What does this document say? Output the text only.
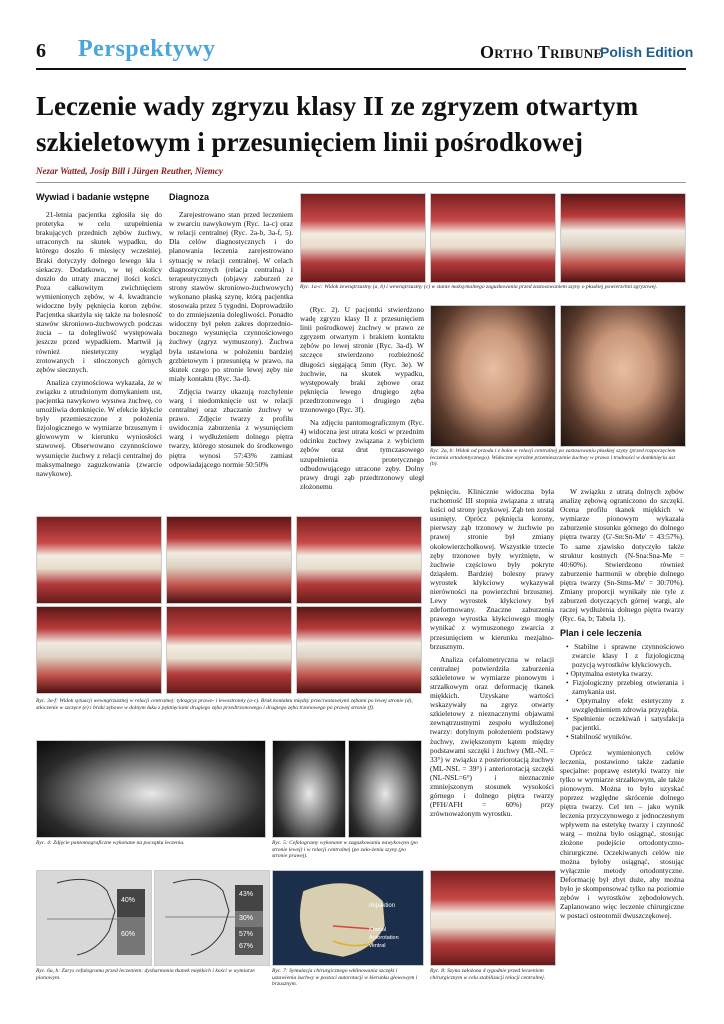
6 Perspektywy	Ortho Tribune
Polish Edition
Leczenie wady zgryzu klasy II ze zgryzem otwartym szkieletowym i przesunięciem linii pośrodkowej
Nezar Watted, Josip Bill i Jürgen Reuther, Niemcy
Wywiad i badanie wstępne

21-letnia pacjentka zgłosiła się do protetyka w celu uzupełnienia brakujących przednich zębów żuchwy, utraconych na skutek wypadku, do którego doszło 6 miesięcy wcześniej. Braki dotyczyły dolnego lewego kła i siekaczy. Dodatkowo, w tej okolicy doszło do utraty znacznej ilości kości. Poza całkowitym zwichnięciem wymienionych zębów, w 4. kwadrancie widoczne były pęknięcia koron zębów. Pacjentka skarżyła się także na bolesność stawów skroniowo-żuchwowych podczas żucia – ta dolegliwość występowała jeszcze przed wypadkiem. Martwił ją również niestetyczny wygląd zrotowanych i stłoczonych górnych zębów siecznych.

Analiza czynnościowa wykazała, że w związku z utrudnionym domykaniem ust, pacjentka nawykowo wysuwa żuchwę, co umożliwia domknięcie. W efekcie kłykcie były przemieszczone z położenia fizjologicznego w wymiarze brzusznym i głowowym w kierunku wyniosłości stawowej. Obserwowano czynnościowe wysunięcie żuchwy z relacji centralnej do maksymalnego zaguzkowania (zwarcie nawykowe).

Diagnoza

Zarejestrowano stan przed leczeniem w zwarciu nawykowym (Ryc. 1a-c) oraz w relacji centralnej (Ryc. 2a-b, 3a-f, 5). Dla celów diagnostycznych i do planowania leczenia zarejestrowano sytuację w relacji centralnej. W celach diagnostycznych (relacja centralna) i terapeutycznych (objawy zaburzeń ze strony stawów skroniowo-żuchwowych) wykonano płaską szynę, którą pacjentka stosowała przez 5 tygodni. Doprowadziło to do zmniejszenia dolegliwości. Ponadto widoczny był pełen zakres doprzednio-bocznego wysunięcia czynnościowego żuchwy (zgryz wymuszony). Żuchwa była ustawiona w położeniu bardziej grzbietowym i przesuniętą w prawo, na skutek czego po stronie lewej zęby nie miały kontaktu (Ryc. 3a-d).

Zdjęcia twarzy ukazują rozchylenie warg i niedomknięcie ust w relacji centralnej oraz zbaczanie żuchwy w prawo. Zdjęcie twarzy z profilu uwidocznia zaburzenia z wysunięciem warg i wydłużeniem dolnego piętra twarzy, którego stosunek do środkowego piętra wynosi 57:43% zamiast odpowiadającego normie 50:50%

Ryc. 1a-c: Widok zewnątrzustny (a, b) i wewnątrzustny (c) w stanie maksymalnego zaguzkowania przed zastosowaniem szyny o płaskiej powierzchni zgryzowej.

(Ryc. 2). U pacjentki stwierdzono wadę zgryzu klasy II z przesunięciem linii pośrodkowej żuchwy w prawo ze zgryzem otwartym i brakiem kontaktu zębów po lewej stronie (Ryc. 3a-d). W szczęce stwierdzono rozbieżność długości sięgającą 5mm (Ryc. 3e). W żuchwie, na skutek wypadku, występowały braki zębowe oraz pęknięcia lewego drugiego zęba przedtrzonowego i drugiego zęba trzonowego (Ryc. 3f).

Na zdjęciu pantomograficznym (Ryc. 4) widoczna jest utrata kości w przednim odcinku żuchwy związana z wybiciem zębów oraz drut tymczasowego uzupełnienia protetycznego odbudowującego utracone zęby. Dolny prawy drugi ząb przedtrzonowy uległ złożonemu

Ryc. 2a, b: Widok od przodu i z boku w relacji centralnej po zastosowaniu płaskiej szyny (przed rozpoczęciem leczenia ortodontycznego). Widoczne wyraźne przemieszczenie żuchwy w prawo i trudności w domknięciu ust (b).
Ryc. 3a-f: Widok sytuacji wewnątrzustnej w relacji centralnej: tyłozgryz prawo- i lewostronny (a-c). Brak kontaktu między przeciwstawnymi zębami po lewej stronie (d), stłoczenie w szczęce (e) i braki zębowe w dolnym łuku z pęknięciami drugiego zęba przedtrzonowego i drugiego zęba trzonowego po prawej stronie (f).

pęknięciu. Klinicznie widoczna była ruchomość III stopnia związana z utratą kości od strony językowej. Ząb ten został usunięty. Oprócz pęknięcia korony, pierwszy ząb trzonowy w żuchwie po prawej stronie był zmiany okołowierzchołkowej. Wszystkie trzecie zęby trzonowe były wyrżnięte, w żuchwie częściowo były pokryte dziąsłem. Bardziej bolesny prawy wyrostek kłykciowy wykazywał nierówności na powierzchni brzusznej. Lewy wyrostek kłykciowy był zdeformowany. Znaczne zaburzenia prawego wyrostka kłykciowego mogły wynikać z wymuszonego zwarcia z przesunięciem w kierunku mezjalno-brzusznym.

Analiza cefalometryczna w relacji centralnej potwierdziła zaburzenia szkieletowe w wymiarze pionowym i strzałkowym oraz deformację tkanek miękkich. Uzyskane wartości wskazywały na zgryz otwarty szkieletowy z nieznacznymi objawami zewnątrzustnymi zespołu wydłużonej twarzy: dotylnym położeniem podstawy żuchwy, zwiększonym kątem między podstawami szczęki i żuchwy (ML-NL = 33°) w związku z posteriorotacją żuchwy (ML-NSL = 39°) i anteriorotacją szczęki (NL-NSL=6°) i nieznacznie zmniejszonym stosunek wysokości górnego i dolnego piętra twarzy (PFH/AFH = 60%) przy zrównoważonym wyrostku.

W związku z utratą dolnych zębów analizę zębową ograniczono do szczęki. Ocena profilu tkanek miękkich w wymiarze pionowym wykazała zaburzenie stosunku górnego do dolnego piętra twarzy (G'-Sn:Sn-Me' = 43:57%). To same zjawisko dotyczyło także struktur kostnych (N-Sna:Sna-Me = 40:60%). Stwierdzono również zaburzenie harmonii w obrębie dolnego piętra twarzy (Sn-Stms-Me' = 30:70%). Zmiany proporcji wynikały nie tyle z zaburzeń dotyczących górnej wargi, ale raczej wydłużenia dolnego piętra twarzy (Ryc. 6a, b; Tabela 1).

Plan i cele leczenia
• Stabilne i sprawne czynnościowo zwarcie klasy I z fizjologiczną pozycją wyrostków kłykciowych.
• Optymalna estetyka twarzy.
• Fizjologiczny przebieg otwierania i zamykania ust.
• Optymalny efekt estetyczny z uwzględnieniem zdrowia przyzębia.
• Spełnienie oczekiwań i satysfakcja pacjentki.
• Stabilność wyników.

Oprócz wymienionych celów leczenia, postawiono także zadanie specjalne: poprawę estetyki twarzy nie tylko w wymiarze strzałkowym, ale także pionowym. Można to było uzyskać poprzez względne skrócenie dolnego piętra twarzy. Cel ten – jako wynik leczenia przyczynowego z jednoczesnym wpływem na estetykę twarzy i czynność warg – można było osiągnąć, stosując złożone podejście ortodontyczno-chirurgiczne. Oczekiwanych celów nie można byłoby osiągnąć, stosując wyłącznie metody ortodontyczne. Deformację był zbyt duże, aby można było je skompensować tylko na poziomie zębów i wyrostków zębodołowych. Zaplanowano więc leczenie chirurgiczne w postaci osteotomii dwuszczękowej.

Ryc. 4: Zdjęcie pantomograficzne wykonane na początku leczenia.	Ryc. 5: Cefalogramy wykonane w zaguzkowaniu nawykowym (po stronie lewej) i w relacji centralnej (po zało-żeniu szyny (po stronie prawej).
40%
60%
43%
30%
57%
67%
Ryc. 6a, b: Zarys cefalogramu przed leczeniem: dysharmonia tkanek miękkich i kości w wymiarze pionowym.
Impaktion
Kranial
Autorotation
ventral
Ryc. 7: Symulacja chirurgicznego wklinowania szczęki i ustawienia żuchwy w postaci autorotacji w kierunku głowowym i brzusznym.
Ryc. 8: Szyna założona 4 tygodnie przed leczeniem chirurgicznym w celu stabilizacji relacji centralnej.
